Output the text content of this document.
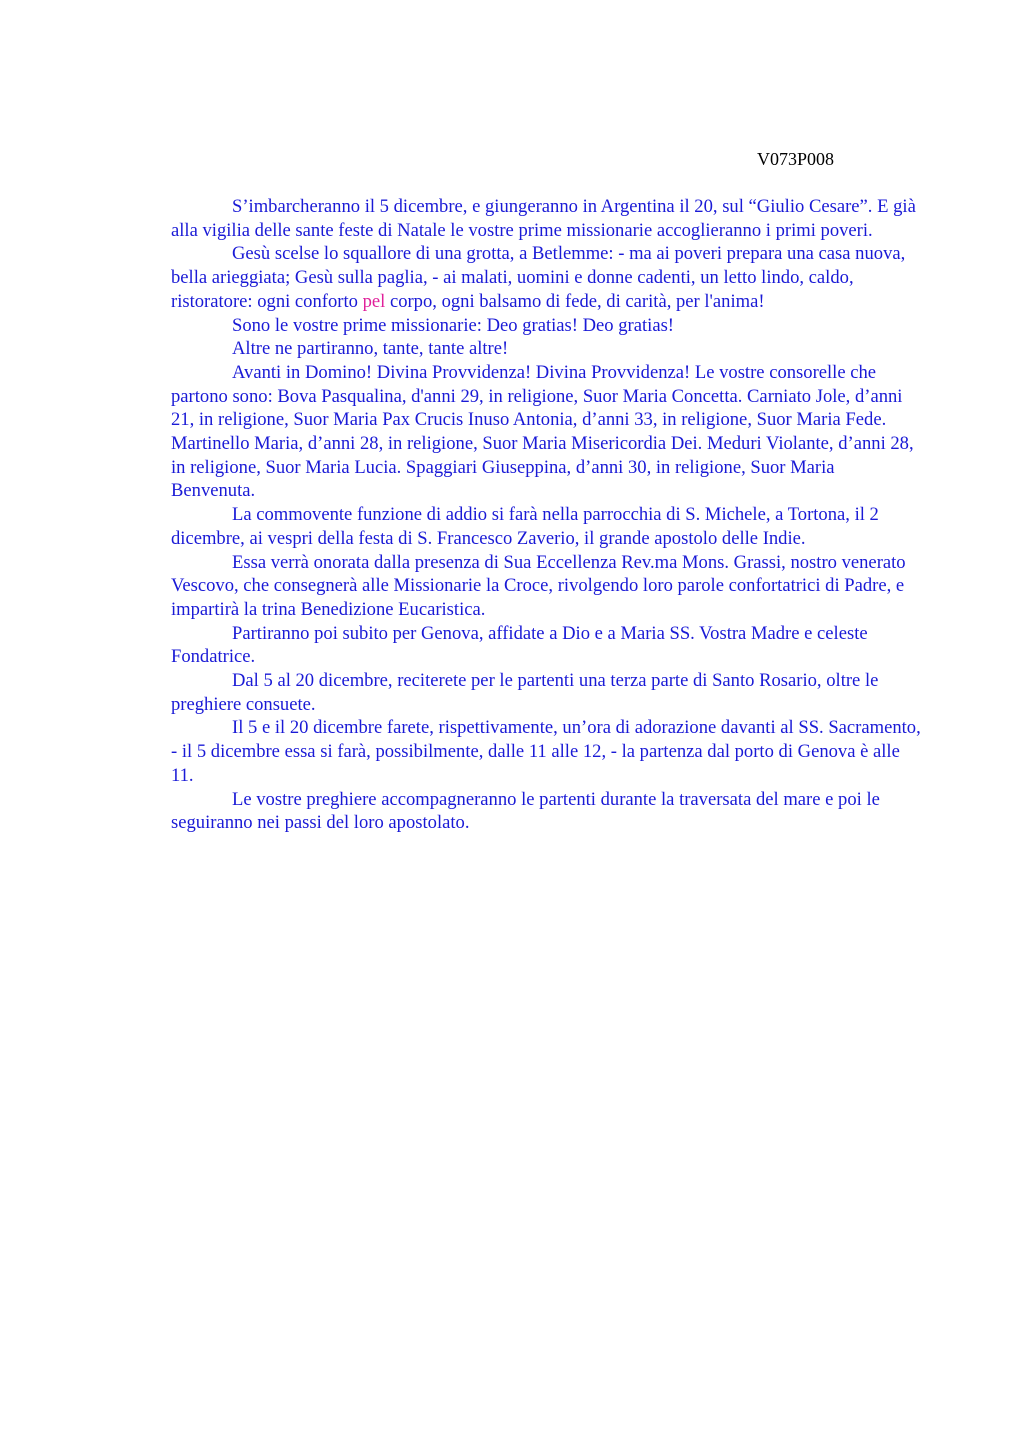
V073P008

S’imbarcheranno il 5 dicembre, e giungeranno in Argentina il 20, sul “Giulio Cesare”. E già alla vigilia delle sante feste di Natale le vostre prime missionarie accoglieranno i primi poveri.

Gesù scelse lo squallore di una grotta, a Betlemme: - ma ai poveri prepara una casa nuova, bella arieggiata; Gesù sulla paglia, - ai malati, uomini e donne cadenti, un letto lindo, caldo, ristoratore: ogni conforto pel corpo, ogni balsamo di fede, di carità, per l'anima!

Sono le vostre prime missionarie: Deo gratias! Deo gratias!

Altre ne partiranno, tante, tante altre!

Avanti in Domino! Divina Provvidenza! Divina Provvidenza! Le vostre consorelle che partono sono: Bova Pasqualina, d'anni 29, in religione, Suor Maria Concetta. Carniato Jole, d’anni 21, in religione, Suor Maria Pax Crucis Inuso Antonia, d’anni 33, in religione, Suor Maria Fede. Martinello Maria, d’anni 28, in religione, Suor Maria Misericordia Dei. Meduri Violante, d’anni 28, in religione, Suor Maria Lucia. Spaggiari Giuseppina, d’anni 30, in religione, Suor Maria Benvenuta.

La commovente funzione di addio si farà nella parrocchia di S. Michele, a Tortona, il 2 dicembre, ai vespri della festa di S. Francesco Zaverio, il grande apostolo delle Indie.

Essa verrà onorata dalla presenza di Sua Eccellenza Rev.ma Mons. Grassi, nostro venerato Vescovo, che consegnerà alle Missionarie la Croce, rivolgendo loro parole confortatrici di Padre, e impartirà la trina Benedizione Eucaristica.

Partiranno poi subito per Genova, affidate a Dio e a Maria SS. Vostra Madre e celeste Fondatrice.

Dal 5 al 20 dicembre, reciterete per le partenti una terza parte di Santo Rosario, oltre le preghiere consuete.

Il 5 e il 20 dicembre farete, rispettivamente, un’ora di adorazione davanti al SS. Sacramento, - il 5 dicembre essa si farà, possibilmente, dalle 11 alle 12, - la partenza dal porto di Genova è alle 11.

Le vostre preghiere accompagneranno le partenti durante la traversata del mare e poi le seguiranno nei passi del loro apostolato.
